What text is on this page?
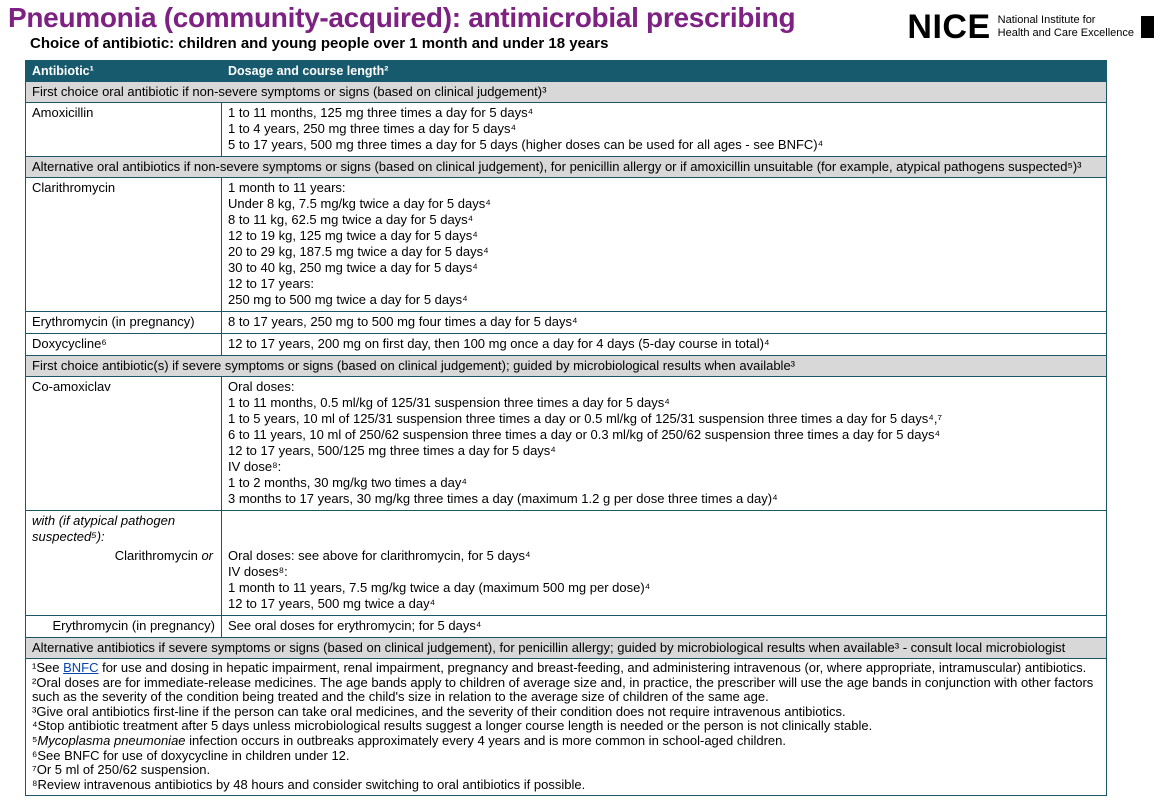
Pneumonia (community-acquired): antimicrobial prescribing
Choice of antibiotic: children and young people over 1 month and under 18 years	NICE National Institute for
Health and Care Excellence
Antibiotic¹	Dosage and course length²
First choice oral antibiotic if non-severe symptoms or signs (based on clinical judgement)³	
Amoxicillin	1 to 11 months, 125 mg three times a day for 5 days⁴
1 to 4 years, 250 mg three times a day for 5 days⁴
5 to 17 years, 500 mg three times a day for 5 days (higher doses can be used for all ages - see BNFC)⁴

Alternative oral antibiotics if non-severe symptoms or signs (based on clinical judgement), for penicillin allergy or if amoxicillin unsuitable (for example, atypical pathogens suspected⁵)³	
Clarithromycin	1 month to 11 years:
Under 8 kg, 7.5 mg/kg twice a day for 5 days⁴
8 to 11 kg, 62.5 mg twice a day for 5 days⁴
12 to 19 kg, 125 mg twice a day for 5 days⁴
20 to 29 kg, 187.5 mg twice a day for 5 days⁴
30 to 40 kg, 250 mg twice a day for 5 days⁴
12 to 17 years:
250 mg to 500 mg twice a day for 5 days⁴

Erythromycin (in pregnancy)	8 to 17 years, 250 mg to 500 mg four times a day for 5 days⁴

Doxycycline⁶	12 to 17 years, 200 mg on first day, then 100 mg once a day for 4 days (5-day course in total)⁴

First choice antibiotic(s) if severe symptoms or signs (based on clinical judgement); guided by microbiological results when available³	
Co-amoxiclav	Oral doses:
1 to 11 months, 0.5 ml/kg of 125/31 suspension three times a day for 5 days⁴
1 to 5 years, 10 ml of 125/31 suspension three times a day or 0.5 ml/kg of 125/31 suspension three times a day for 5 days⁴,⁷
6 to 11 years, 10 ml of 250/62 suspension three times a day or 0.3 ml/kg of 250/62 suspension three times a day for 5 days⁴
12 to 17 years, 500/125 mg three times a day for 5 days⁴
IV dose⁸:
1 to 2 months, 30 mg/kg two times a day⁴
3 months to 17 years, 30 mg/kg three times a day (maximum 1.2 g per dose three times a day)⁴

with (if atypical pathogen suspected⁵):
Clarithromycin or	Oral doses: see above for clarithromycin, for 5 days⁴
IV doses⁸:
1 month to 11 years, 7.5 mg/kg twice a day (maximum 500 mg per dose)⁴
12 to 17 years, 500 mg twice a day⁴

Erythromycin (in pregnancy)	See oral doses for erythromycin; for 5 days⁴

Alternative antibiotics if severe symptoms or signs (based on clinical judgement), for penicillin allergy; guided by microbiological results when available³ - consult local microbiologist	

¹See BNFC for use and dosing in hepatic impairment, renal impairment, pregnancy and breast-feeding, and administering intravenous (or, where appropriate, intramuscular) antibiotics.
²Oral doses are for immediate-release medicines. The age bands apply to children of average size and, in practice, the prescriber will use the age bands in conjunction with other factors such as the severity of the condition being treated and the child's size in relation to the average size of children of the same age.
³Give oral antibiotics first-line if the person can take oral medicines, and the severity of their condition does not require intravenous antibiotics.
⁴Stop antibiotic treatment after 5 days unless microbiological results suggest a longer course length is needed or the person is not clinically stable.
⁵Mycoplasma pneumoniae infection occurs in outbreaks approximately every 4 years and is more common in school-aged children.
⁶See BNFC for use of doxycycline in children under 12.
⁷Or 5 ml of 250/62 suspension.
⁸Review intravenous antibiotics by 48 hours and consider switching to oral antibiotics if possible.
